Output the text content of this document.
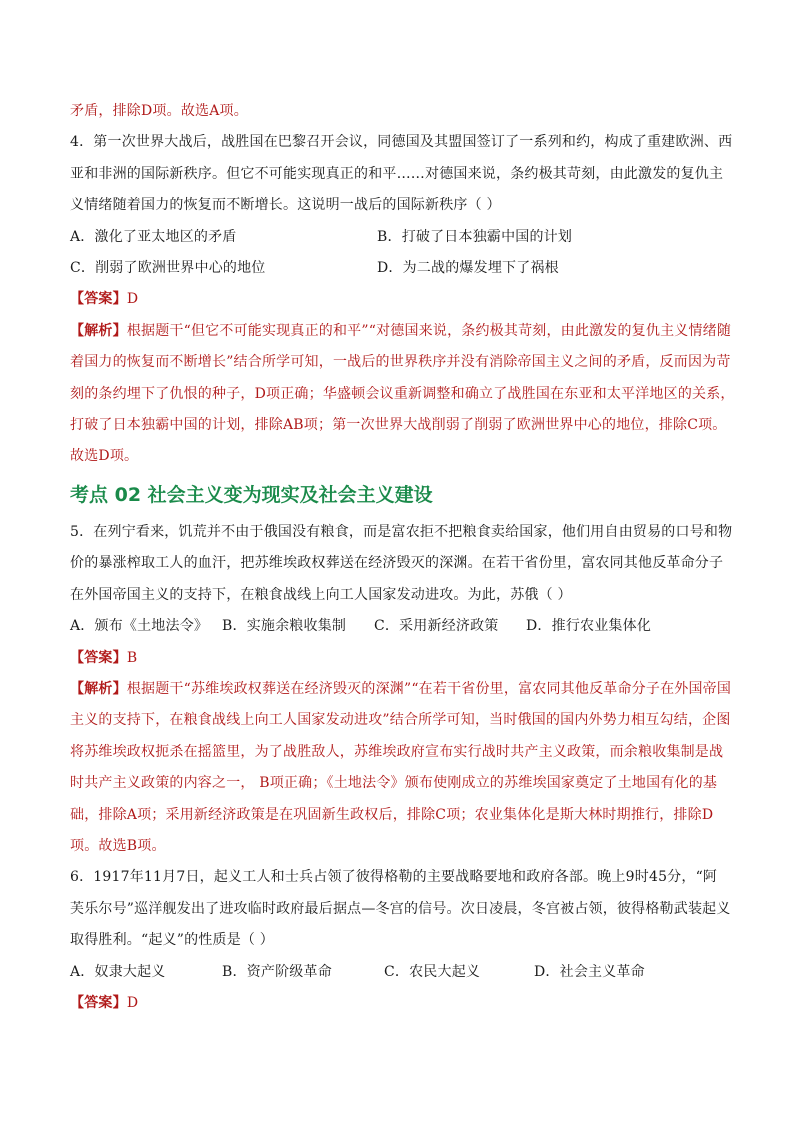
矛盾，排除D项。故选A项。
4．第一次世界大战后，战胜国在巴黎召开会议，同德国及其盟国签订了一系列和约，构成了重建欧洲、西
亚和非洲的国际新秩序。但它不可能实现真正的和平……对德国来说，条约极其苛刻，由此激发的复仇主
义情绪随着国力的恢复而不断增长。这说明一战后的国际新秩序（ ）
A．激化了亚太地区的矛盾	B．打破了日本独霸中国的计划
C．削弱了欧洲世界中心的地位	D．为二战的爆发埋下了祸根
【答案】D
【解析】根据题干“但它不可能实现真正的和平”“对德国来说，条约极其苛刻，由此激发的复仇主义情绪随
着国力的恢复而不断增长”结合所学可知，一战后的世界秩序并没有消除帝国主义之间的矛盾，反而因为苛
刻的条约埋下了仇恨的种子，D项正确；华盛顿会议重新调整和确立了战胜国在东亚和太平洋地区的关系，
打破了日本独霸中国的计划，排除AB项；第一次世界大战削弱了削弱了欧洲世界中心的地位，排除C项。
故选D项。
考点 02 社会主义变为现实及社会主义建设
5．在列宁看来，饥荒并不由于俄国没有粮食，而是富农拒不把粮食卖给国家，他们用自由贸易的口号和物
价的暴涨榨取工人的血汗，把苏维埃政权葬送在经济毁灭的深渊。在若干省份里，富农同其他反革命分子
在外国帝国主义的支持下，在粮食战线上向工人国家发动进攻。为此，苏俄（ ）
A．颁布《土地法令》 B．实施余粮收集制	C．采用新经济政策	D．推行农业集体化
【答案】B
【解析】根据题干“苏维埃政权葬送在经济毁灭的深渊”“在若干省份里，富农同其他反革命分子在外国帝国
主义的支持下，在粮食战线上向工人国家发动进攻”结合所学可知，当时俄国的国内外势力相互勾结，企图
将苏维埃政权扼杀在摇篮里，为了战胜敌人，苏维埃政府宣布实行战时共产主义政策，而余粮收集制是战
时共产主义政策的内容之一， B项正确；《土地法令》颁布使刚成立的苏维埃国家奠定了土地国有化的基
础，排除A项；采用新经济政策是在巩固新生政权后，排除C项；农业集体化是斯大林时期推行，排除D
项。故选B项。
6．1917年11月7日，起义工人和士兵占领了彼得格勒的主要战略要地和政府各部。晚上9时45分，“阿
芙乐尔号”巡洋舰发出了进攻临时政府最后据点—冬宫的信号。次日凌晨，冬宫被占领，彼得格勒武装起义
取得胜利。“起义”的性质是（ ）
A．奴隶大起义	B．资产阶级革命	C．农民大起义	D．社会主义革命
【答案】D
